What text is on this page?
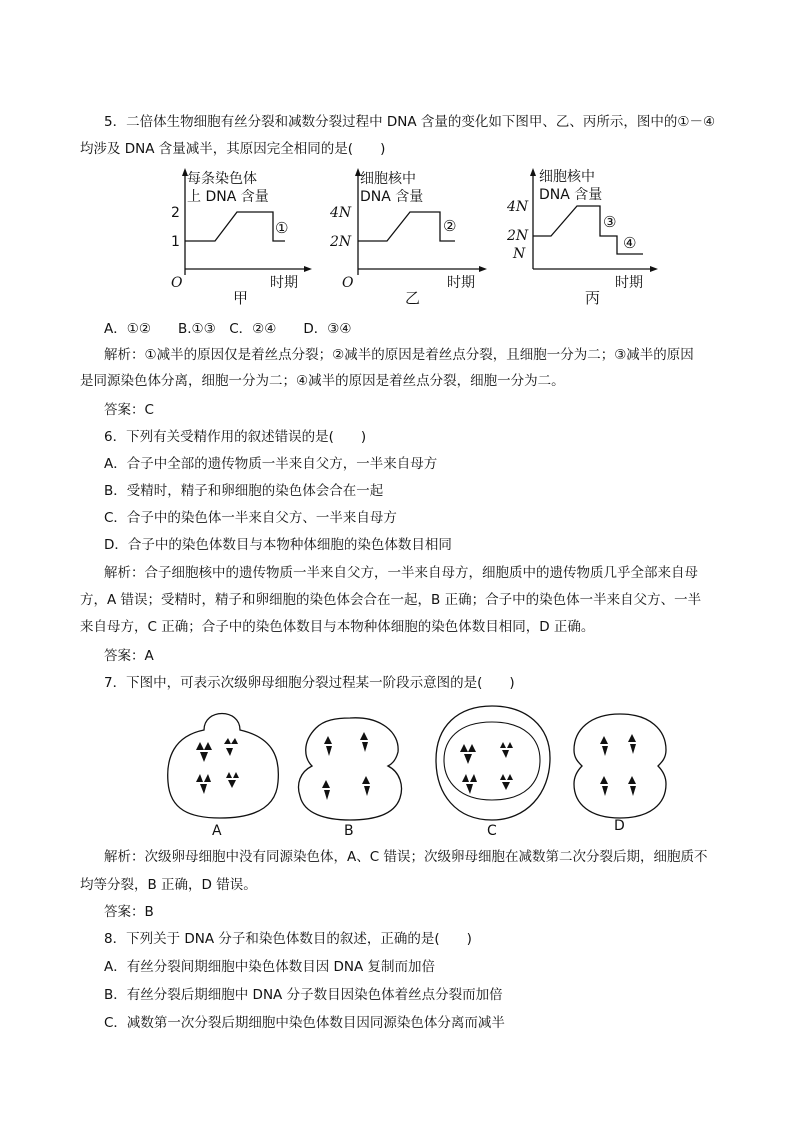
5．二倍体生物细胞有丝分裂和减数分裂过程中 DNA 含量的变化如下图甲、乙、丙所示，图中的①－④
均涉及 DNA 含量减半，其原因完全相同的是(　　)
每条染色体
上 DNA 含量
2
1
①
O	时期
甲
细胞核中
DNA 含量
4N
2N
②
O	时期
乙
细胞核中
DNA 含量
4N
2N
N
③
④
时期
丙
A．①②　　B.①③　C．②④　　D．③④
解析：①减半的原因仅是着丝点分裂；②减半的原因是着丝点分裂，且细胞一分为二；③减半的原因
是同源染色体分离，细胞一分为二；④减半的原因是着丝点分裂，细胞一分为二。
答案：C
6．下列有关受精作用的叙述错误的是(　　)
A．合子中全部的遗传物质一半来自父方，一半来自母方
B．受精时，精子和卵细胞的染色体会合在一起
C．合子中的染色体一半来自父方、一半来自母方
D．合子中的染色体数目与本物种体细胞的染色体数目相同
解析：合子细胞核中的遗传物质一半来自父方，一半来自母方，细胞质中的遗传物质几乎全部来自母
方，A 错误；受精时，精子和卵细胞的染色体会合在一起，B 正确；合子中的染色体一半来自父方、一半
来自母方，C 正确；合子中的染色体数目与本物种体细胞的染色体数目相同，D 正确。
答案：A
7．下图中，可表示次级卵母细胞分裂过程某一阶段示意图的是(　　)
A	B	C	D
解析：次级卵母细胞中没有同源染色体，A、C 错误；次级卵母细胞在减数第二次分裂后期，细胞质不
均等分裂，B 正确，D 错误。
答案：B
8．下列关于 DNA 分子和染色体数目的叙述，正确的是(　　)
A．有丝分裂间期细胞中染色体数目因 DNA 复制而加倍
B．有丝分裂后期细胞中 DNA 分子数目因染色体着丝点分裂而加倍
C．减数第一次分裂后期细胞中染色体数目因同源染色体分离而减半
